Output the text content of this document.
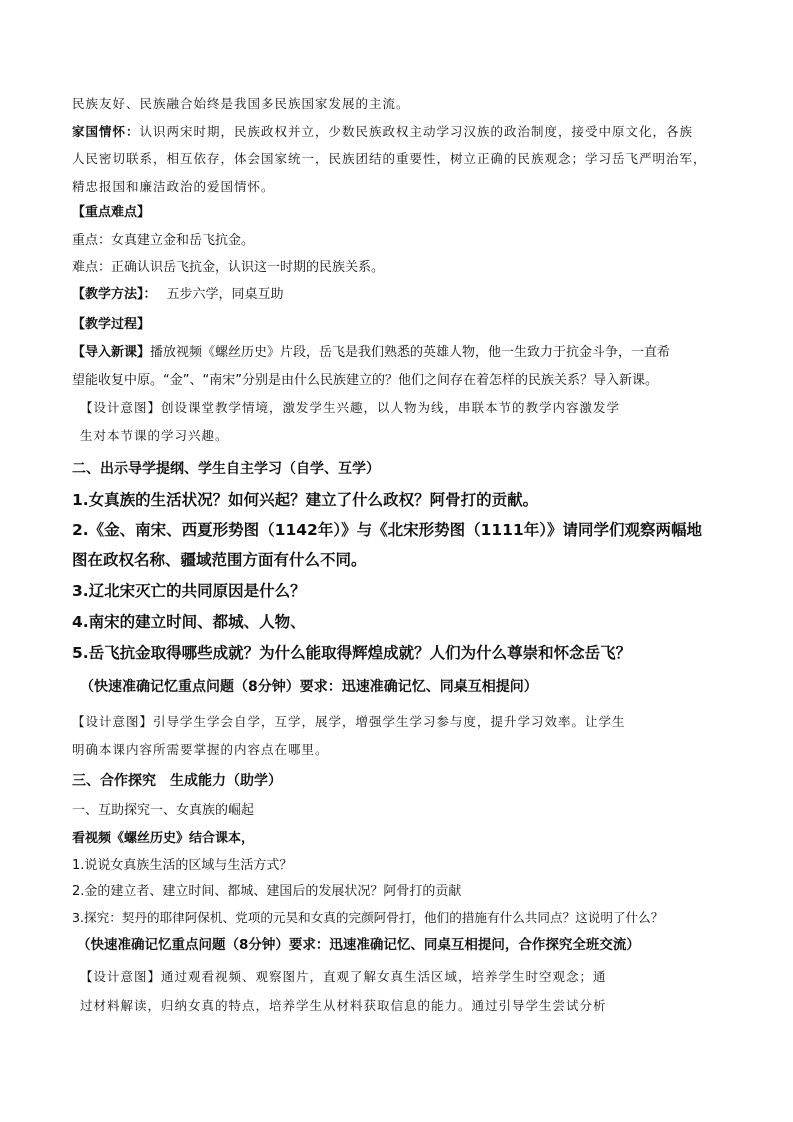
民族友好、民族融合始终是我国多民族国家发展的主流。
家国情怀：认识两宋时期，民族政权并立，少数民族政权主动学习汉族的政治制度，接受中原文化，各族
人民密切联系，相互依存，体会国家统一，民族团结的重要性，树立正确的民族观念；学习岳飞严明治军，
精忠报国和廉洁政治的爱国情怀。
【重点难点】
重点：女真建立金和岳飞抗金。
难点：正确认识岳飞抗金，认识这一时期的民族关系。
【教学方法】： 五步六学，同桌互助
【教学过程】
【导入新课】播放视频《螺丝历史》片段，岳飞是我们熟悉的英雄人物，他一生致力于抗金斗争，一直希
望能收复中原。“金”、“南宋”分别是由什么民族建立的？他们之间存在着怎样的民族关系？导入新课。
【设计意图】创设课堂教学情境，激发学生兴趣，以人物为线，串联本节的教学内容激发学
生对本节课的学习兴趣。
二、出示导学提纲、学生自主学习（自学、互学）
1.女真族的生活状况？如何兴起？建立了什么政权？阿骨打的贡献。
2.《金、南宋、西夏形势图（1142年）》与《北宋形势图（1111年）》请同学们观察两幅地
图在政权名称、疆域范围方面有什么不同。
3.辽北宋灭亡的共同原因是什么？
4.南宋的建立时间、都城、人物、
5.岳飞抗金取得哪些成就？为什么能取得辉煌成就？人们为什么尊崇和怀念岳飞？
（快速准确记忆重点问题（8分钟）要求：迅速准确记忆、同桌互相提问）
【设计意图】引导学生学会自学，互学，展学，增强学生学习参与度，提升学习效率。让学生
明确本课内容所需要掌握的内容点在哪里。
三、合作探究　生成能力（助学）
一、互助探究一、女真族的崛起
看视频《螺丝历史》结合课本，
1.说说女真族生活的区域与生活方式？
2.金的建立者、建立时间、都城、建国后的发展状况？阿骨打的贡献
3.探究：契丹的耶律阿保机、党项的元昊和女真的完颜阿骨打，他们的措施有什么共同点？这说明了什么？
（快速准确记忆重点问题（8分钟）要求：迅速准确记忆、同桌互相提问，合作探究全班交流）
【设计意图】通过观看视频、观察图片，直观了解女真生活区域，培养学生时空观念；通
过材料解读，归纳女真的特点，培养学生从材料获取信息的能力。通过引导学生尝试分析
